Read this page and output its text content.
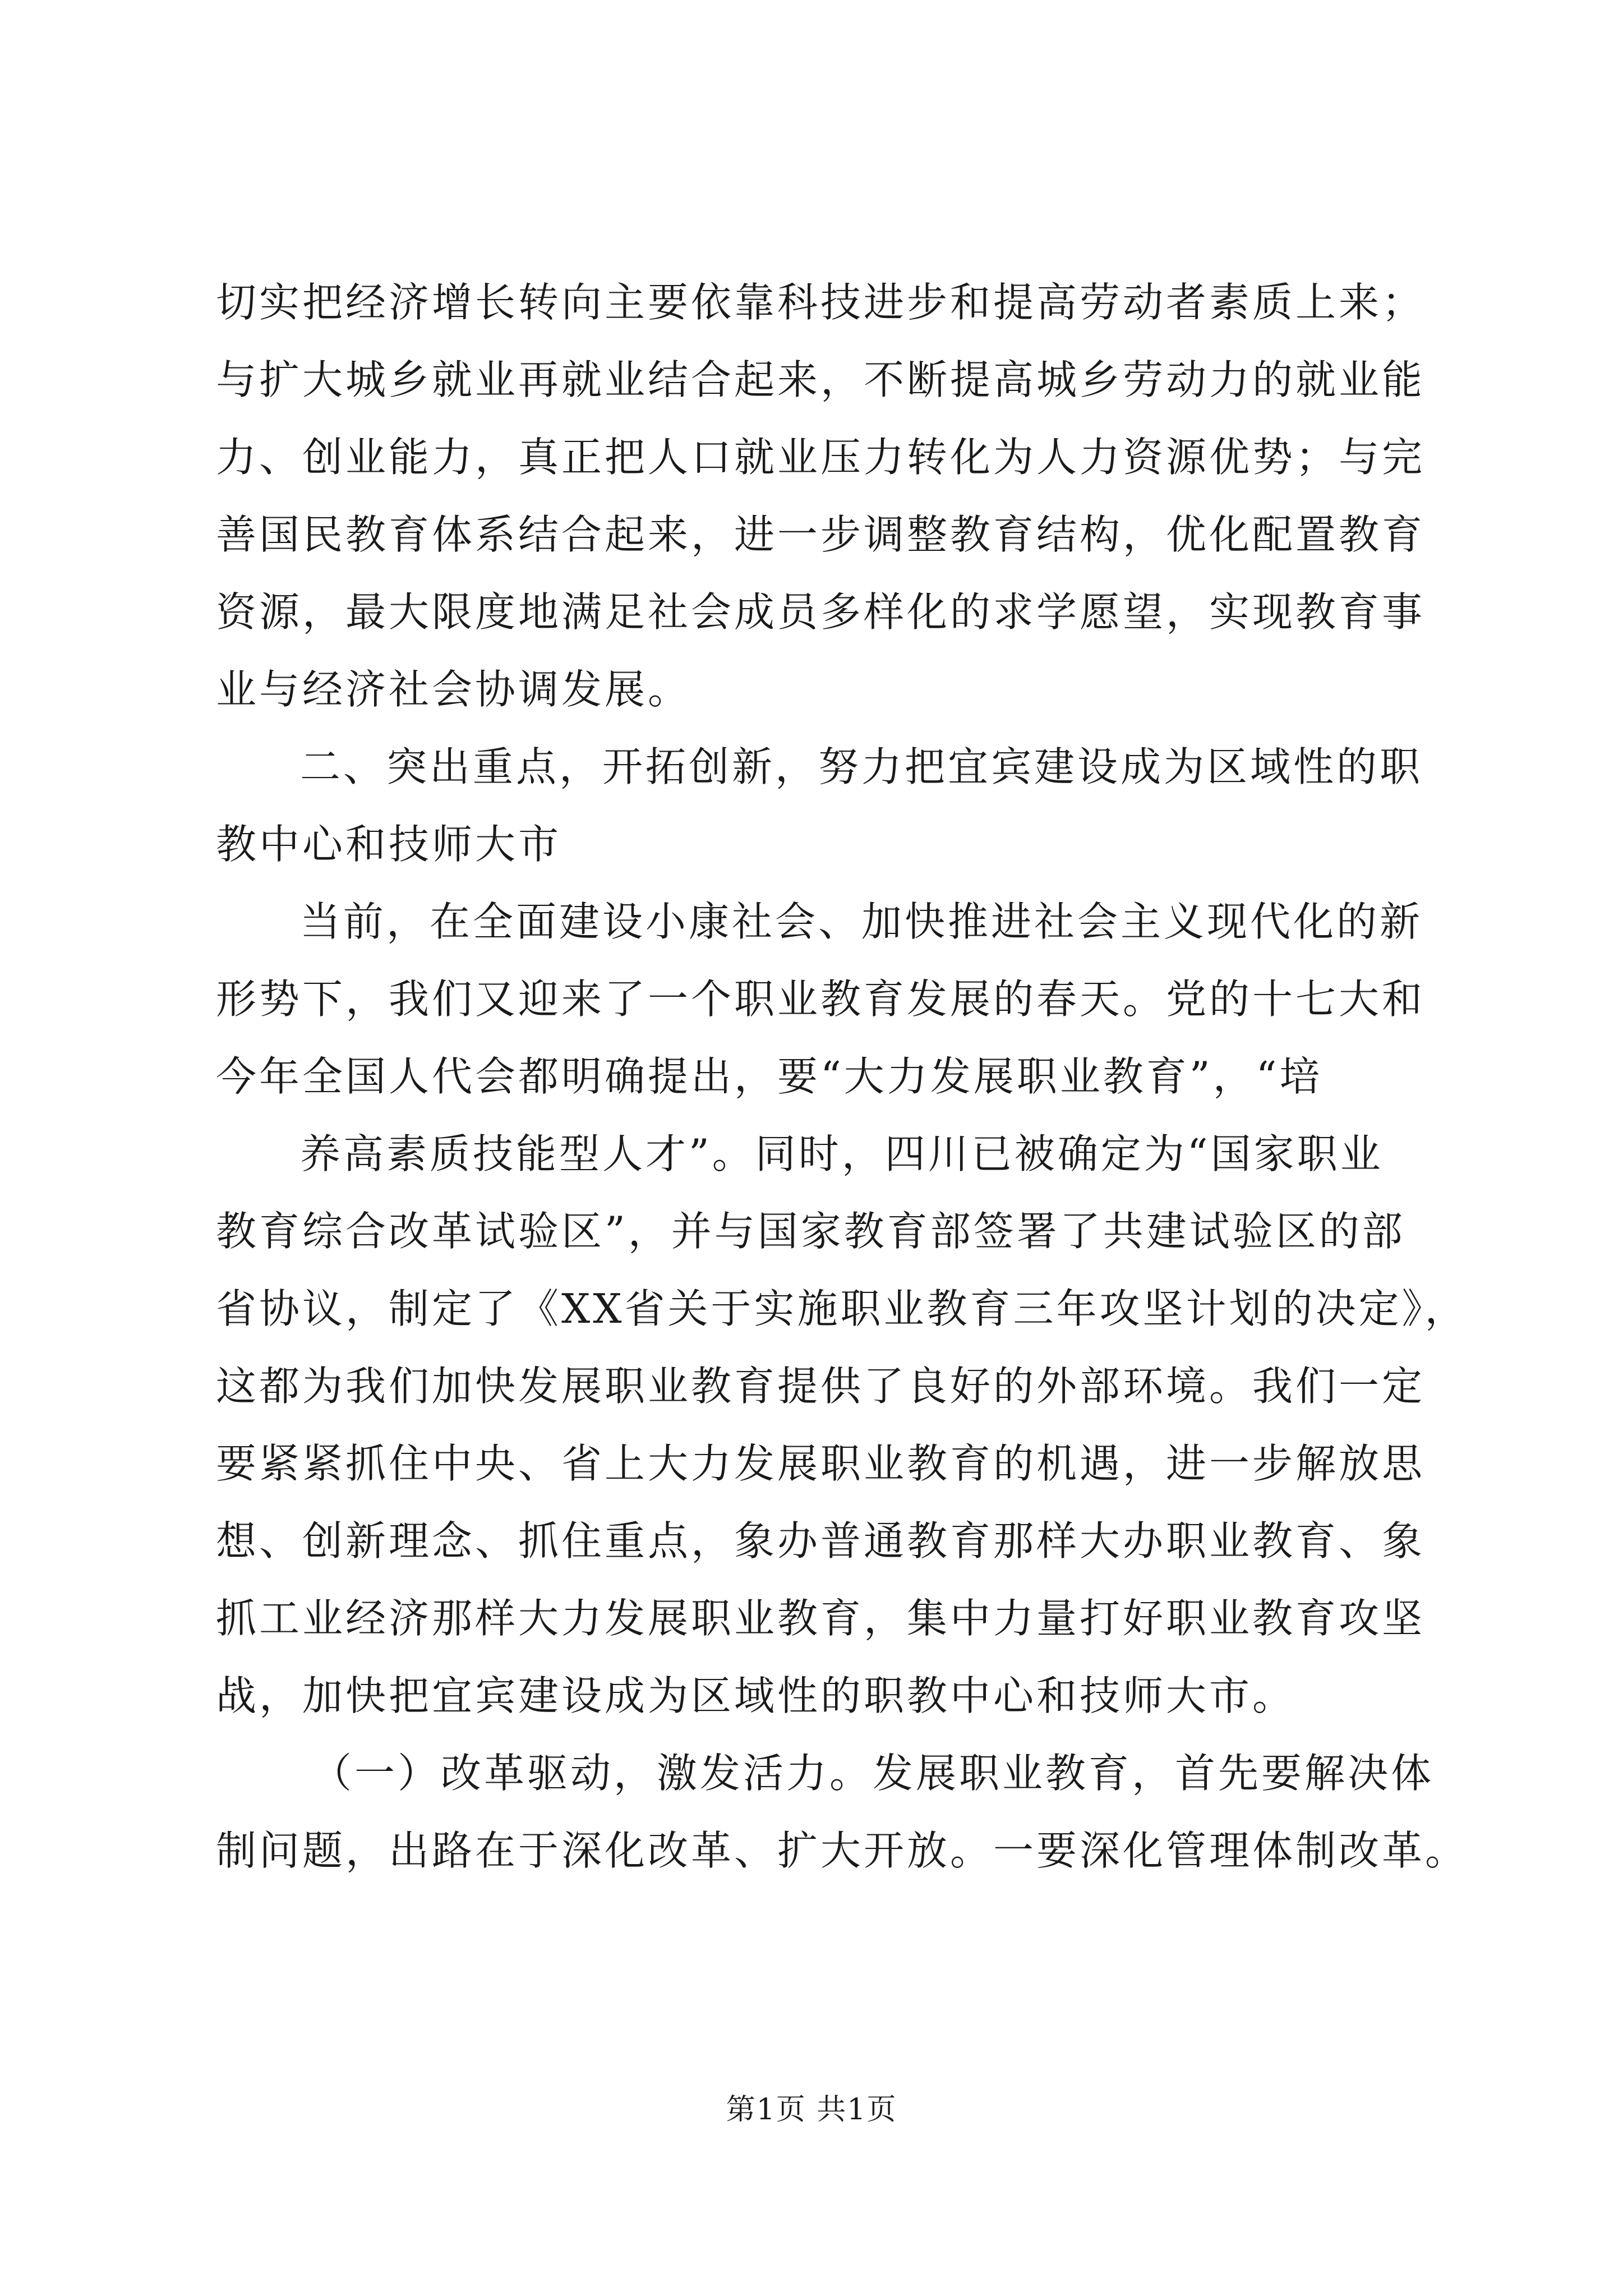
切实把经济增长转向主要依靠科技进步和提高劳动者素质上来；
与扩大城乡就业再就业结合起来，不断提高城乡劳动力的就业能
力、创业能力，真正把人口就业压力转化为人力资源优势；与完
善国民教育体系结合起来，进一步调整教育结构，优化配置教育
资源，最大限度地满足社会成员多样化的求学愿望，实现教育事
业与经济社会协调发展。
二、突出重点，开拓创新，努力把宜宾建设成为区域性的职
教中心和技师大市
当前，在全面建设小康社会、加快推进社会主义现代化的新
形势下，我们又迎来了一个职业教育发展的春天。党的十七大和
今年全国人代会都明确提出，要“大力发展职业教育”，“培
养高素质技能型人才”。同时，四川已被确定为“国家职业
教育综合改革试验区”，并与国家教育部签署了共建试验区的部
省协议，制定了《XX省关于实施职业教育三年攻坚计划的决定》，
这都为我们加快发展职业教育提供了良好的外部环境。我们一定
要紧紧抓住中央、省上大力发展职业教育的机遇，进一步解放思
想、创新理念、抓住重点，象办普通教育那样大办职业教育、象
抓工业经济那样大力发展职业教育，集中力量打好职业教育攻坚
战，加快把宜宾建设成为区域性的职教中心和技师大市。
（一）改革驱动，激发活力。发展职业教育，首先要解决体
制问题，出路在于深化改革、扩大开放。一要深化管理体制改革。
第1页 共1页
